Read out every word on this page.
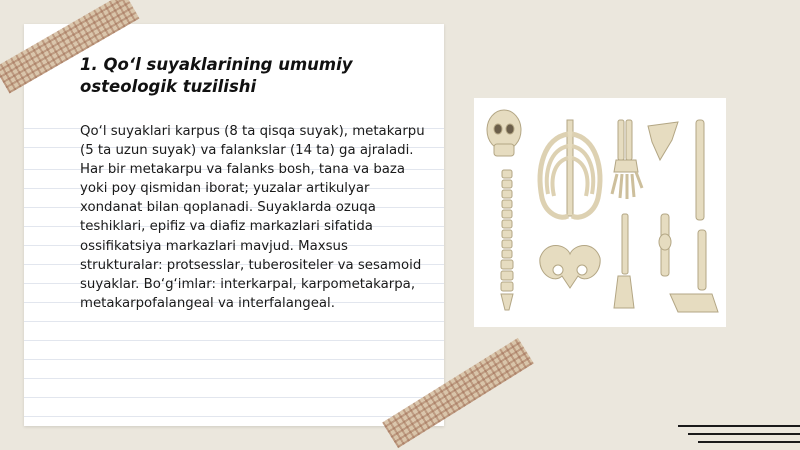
1. Qo‘l suyaklarining umumiy osteologik tuzilishi

Qo‘l suyaklari karpus (8 ta qisqa suyak), metakarpu (5 ta uzun suyak) va falankslar (14 ta) ga ajraladi. Har bir metakarpu va falanks bosh, tana va baza yoki poy qismidan iborat; yuzalar artikulyar xondanat bilan qoplanadi. Suyaklarda ozuqa teshiklari, epifiz va diafiz markazlari sifatida ossifikatsiya markazlari mavjud. Maxsus strukturalar: protsesslar, tuberositeler va sesamoid suyaklar. Bo‘g‘imlar: interkarpal, karpometakarpa, metakarpofalangeal va interfalangeal.
